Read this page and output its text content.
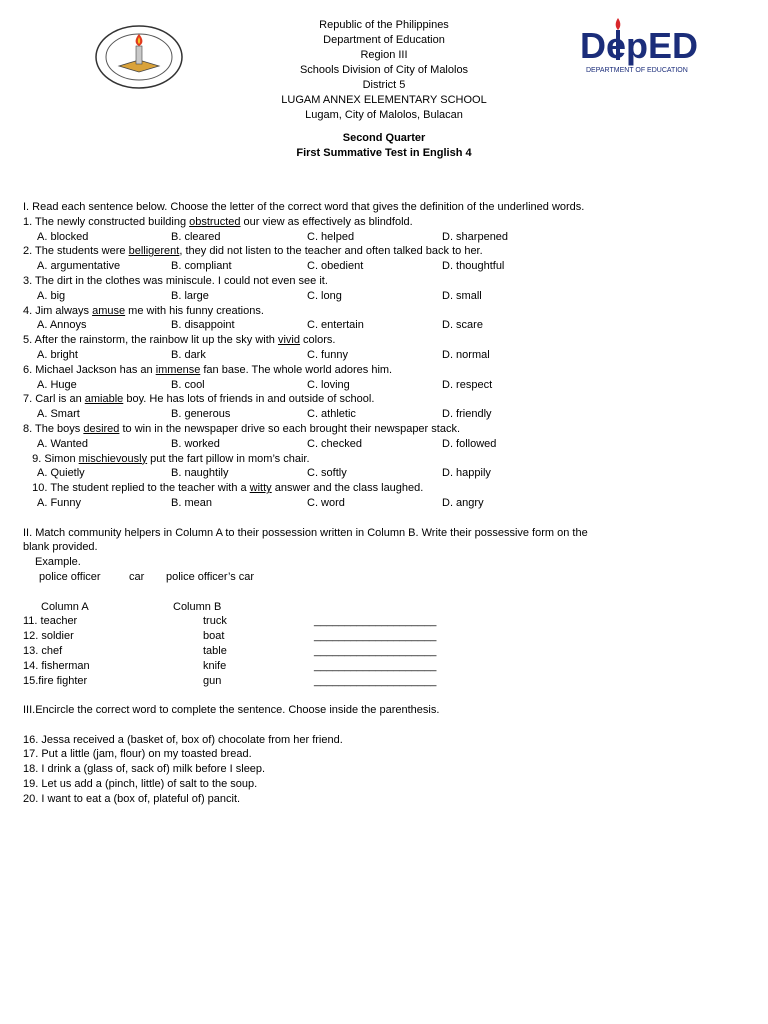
DepED
DEPARTMENT OF EDUCATION
Republic of the Philippines
Department of Education
Region III
Schools Division of City of Malolos
District 5
LUGAM ANNEX ELEMENTARY SCHOOL
Lugam, City of Malolos, Bulacan
Second Quarter
First Summative Test in English 4
I. Read each sentence below. Choose the letter of the correct word that gives the definition of the underlined words.
1. The newly constructed building obstructed our view as effectively as blindfold.
A. blocked	B. cleared	C. helped	D. sharpened
2. The students were belligerent, they did not listen to the teacher and often talked back to her.
A. argumentative	B. compliant	C. obedient	D. thoughtful
3. The dirt in the clothes was miniscule. I could not even see it.
A. big	B. large	C. long	D. small
4. Jim always amuse me with his funny creations.
A. Annoys	B. disappoint	C. entertain	D. scare
5. After the rainstorm, the rainbow lit up the sky with vivid colors.
A. bright	B. dark	C. funny	D. normal
6. Michael Jackson has an immense fan base. The whole world adores him.
A. Huge	B. cool	C. loving	D. respect
7. Carl is an amiable boy. He has lots of friends in and outside of school.
A. Smart	B. generous	C. athletic	D. friendly
8. The boys desired to win in the newspaper drive so each brought their newspaper stack.
A. Wanted	B. worked	C. checked	D. followed
9. Simon mischievously put the fart pillow in mom’s chair.
A. Quietly	B. naughtily	C. softly	D. happily
10. The student replied to the teacher with a witty answer and the class laughed.
A. Funny	B. mean	C. word	D. angry
II. Match community helpers in Column A to their possession written in Column B. Write their possessive form on the
blank provided.
Example.
police officer	car	police officer’s car
Column A	Column B
11. teacher	truck	____________________
12. soldier	boat	____________________
13. chef	table	____________________
14. fisherman	knife	____________________
15.fire fighter	gun	____________________
III.Encircle the correct word to complete the sentence. Choose inside the parenthesis.
16. Jessa received a (basket of, box of) chocolate from her friend.
17. Put a little (jam, flour) on my toasted bread.
18. I drink a (glass of, sack of) milk before I sleep.
19. Let us add a (pinch, little) of salt to the soup.
20. I want to eat a (box of, plateful of) pancit.
